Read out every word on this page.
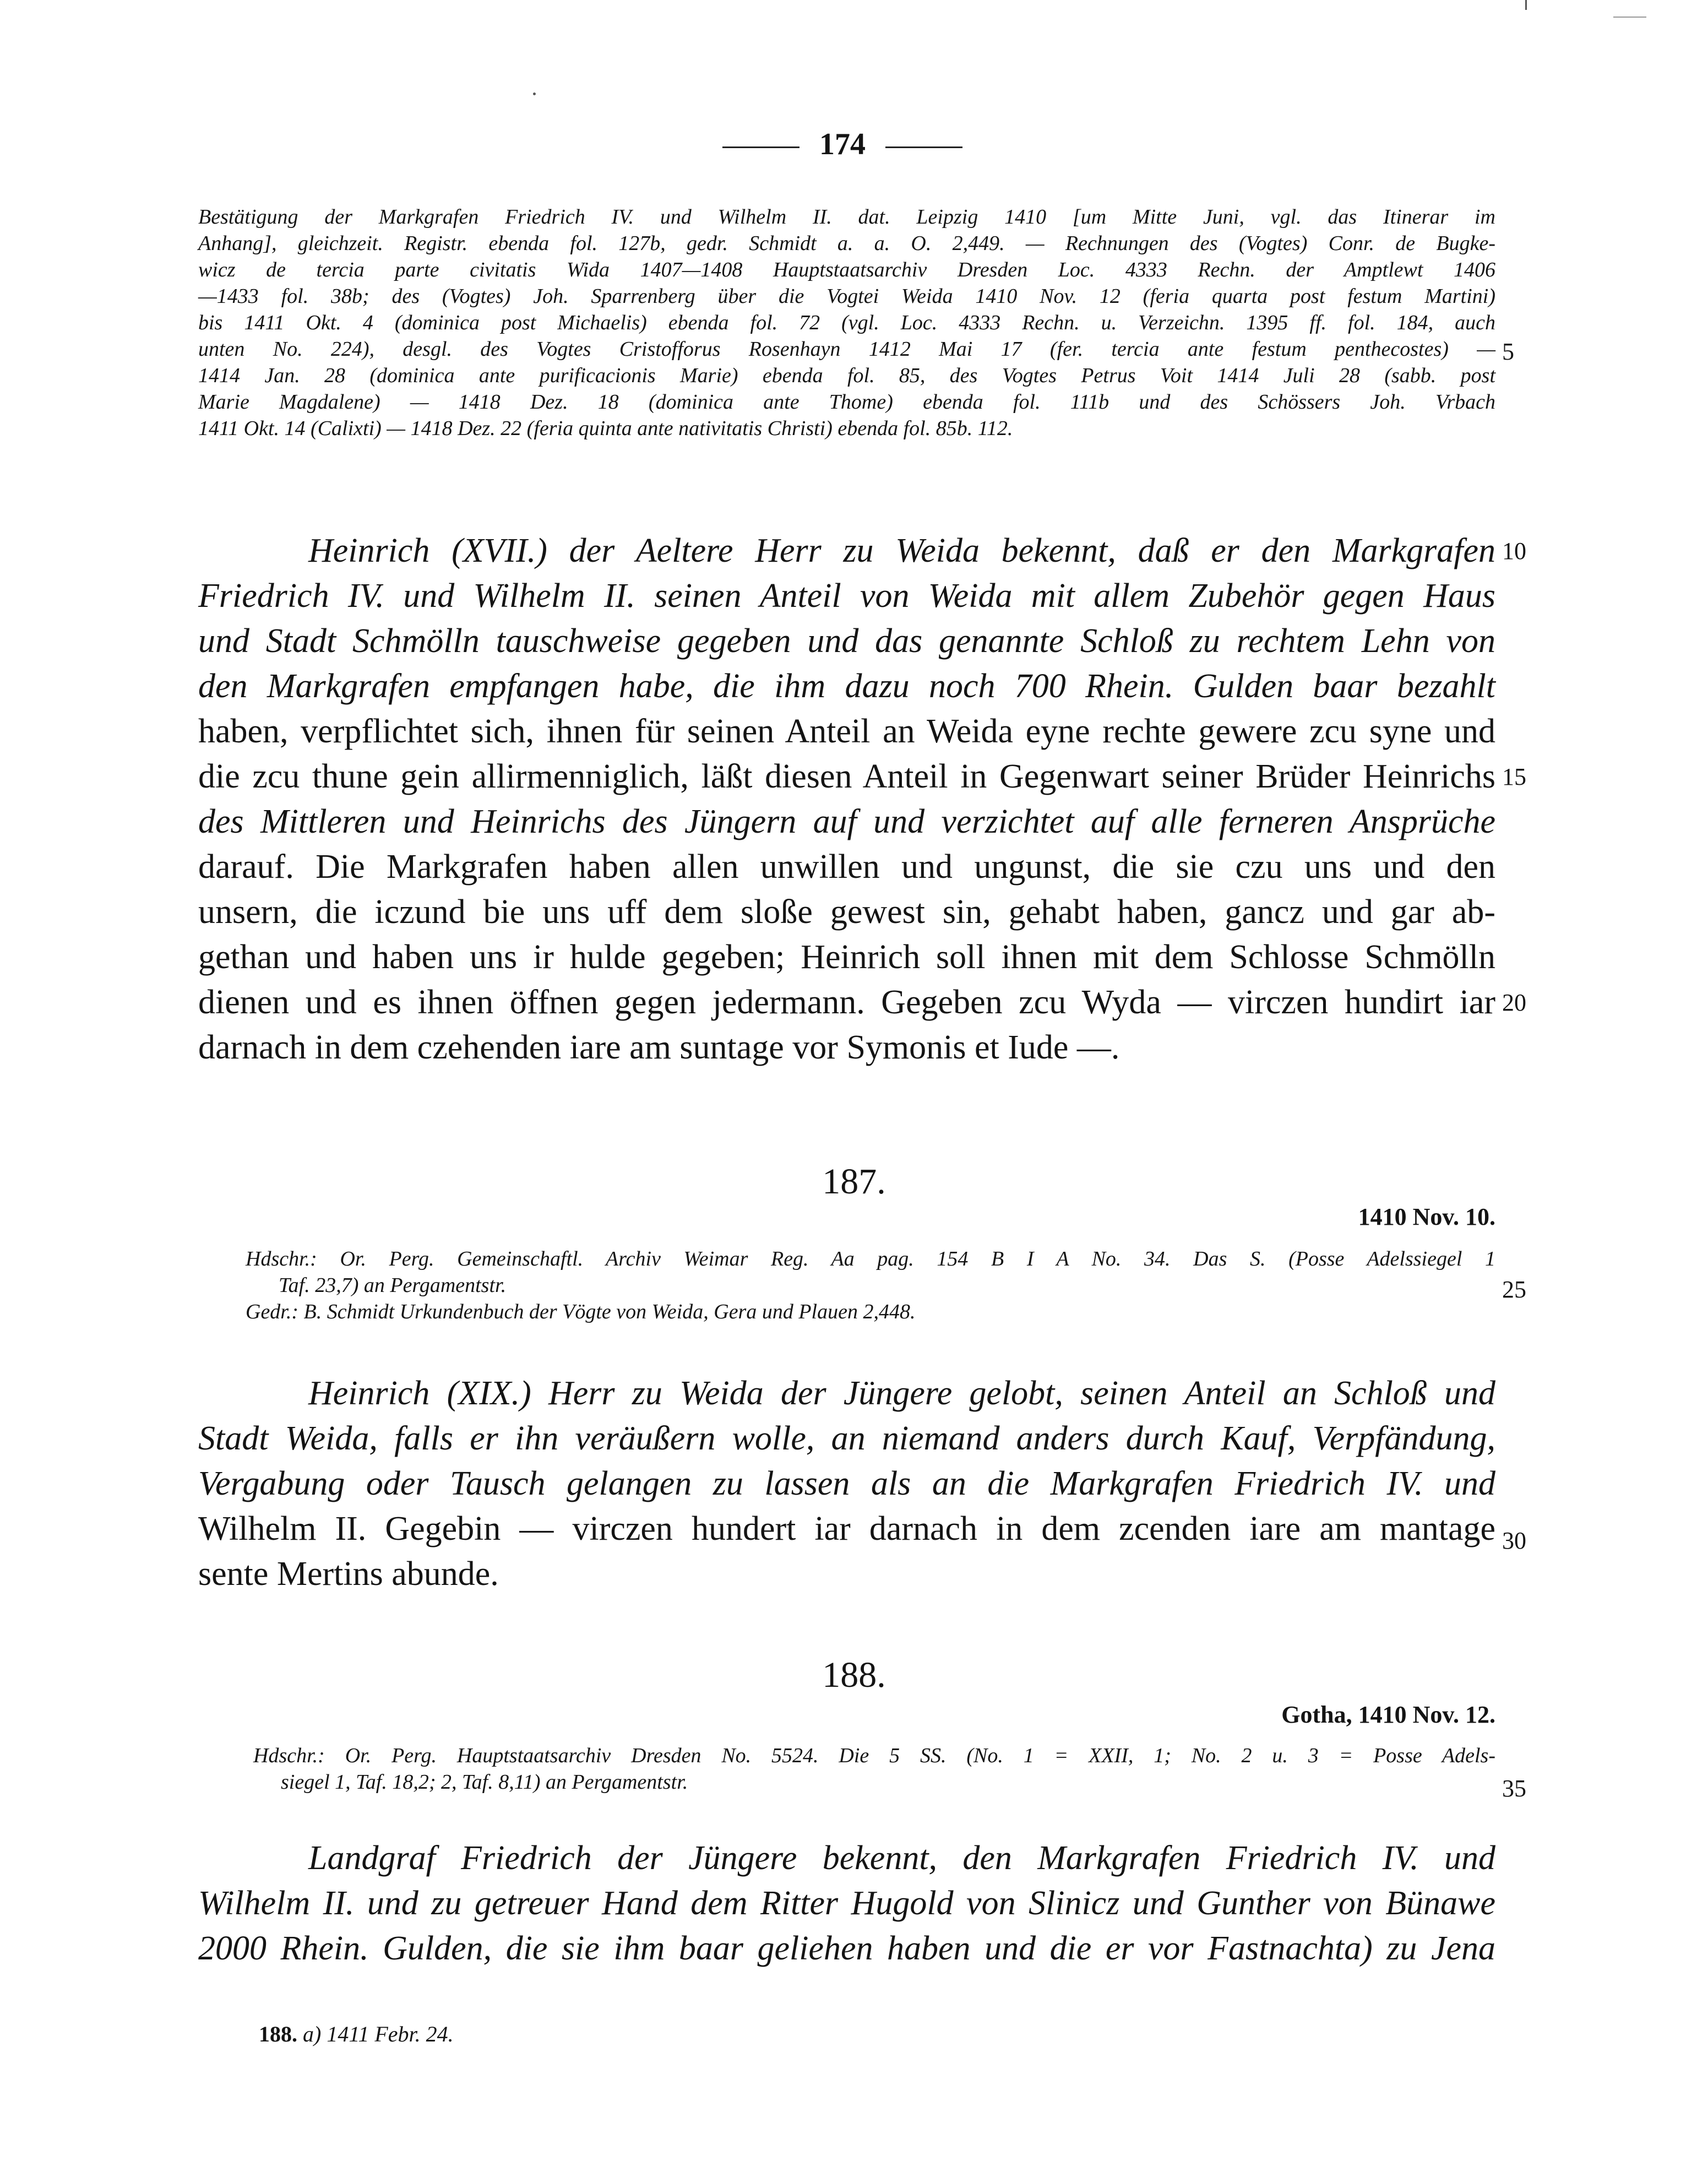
174
Bestätigung der Markgrafen Friedrich IV. und Wilhelm II. dat. Leipzig 1410 [um Mitte Juni, vgl. das Itinerar im
Anhang], gleichzeit. Registr. ebenda fol. 127b, gedr. Schmidt a. a. O. 2,449. — Rechnungen des (Vogtes) Conr. de Bugke-
wicz de tercia parte civitatis Wida 1407—1408 Hauptstaatsarchiv Dresden Loc. 4333 Rechn. der Amptlewt 1406
—1433 fol. 38b; des (Vogtes) Joh. Sparrenberg über die Vogtei Weida 1410 Nov. 12 (feria quarta post festum Martini)
bis 1411 Okt. 4 (dominica post Michaelis) ebenda fol. 72 (vgl. Loc. 4333 Rechn. u. Verzeichn. 1395 ff. fol. 184, auch
unten No. 224), desgl. des Vogtes Cristofforus Rosenhayn 1412 Mai 17 (fer. tercia ante festum penthecostes) —
1414 Jan. 28 (dominica ante purificacionis Marie) ebenda fol. 85, des Vogtes Petrus Voit 1414 Juli 28 (sabb. post
Marie Magdalene) — 1418 Dez. 18 (dominica ante Thome) ebenda fol. 111b und des Schössers Joh. Vrbach
1411 Okt. 14 (Calixti) — 1418 Dez. 22 (feria quinta ante nativitatis Christi) ebenda fol. 85b. 112.
Heinrich (XVII.) der Aeltere Herr zu Weida bekennt, daß er den Markgrafen
Friedrich IV. und Wilhelm II. seinen Anteil von Weida mit allem Zubehör gegen Haus
und Stadt Schmölln tauschweise gegeben und das genannte Schloß zu rechtem Lehn von
den Markgrafen empfangen habe, die ihm dazu noch 700 Rhein. Gulden baar bezahlt
haben, verpflichtet sich, ihnen für seinen Anteil an Weida eyne rechte gewere zcu syne und
die zcu thune gein allirmenniglich, läßt diesen Anteil in Gegenwart seiner Brüder Heinrichs
des Mittleren und Heinrichs des Jüngern auf und verzichtet auf alle ferneren Ansprüche
darauf. Die Markgrafen haben allen unwillen und ungunst, die sie czu uns und den
unsern, die iczund bie uns uff dem sloße gewest sin, gehabt haben, gancz und gar ab-
gethan und haben uns ir hulde gegeben; Heinrich soll ihnen mit dem Schlosse Schmölln
dienen und es ihnen öffnen gegen jedermann. Gegeben zcu Wyda — virczen hundirt iar
darnach in dem czehenden iare am suntage vor Symonis et Iude —.
5
10
15
20
25
30
35
187.
1410 Nov. 10.
Hdschr.: Or. Perg. Gemeinschaftl. Archiv Weimar Reg. Aa pag. 154 B I A No. 34. Das S. (Posse Adelssiegel 1
Taf. 23,7) an Pergamentstr.
Gedr.: B. Schmidt Urkundenbuch der Vögte von Weida, Gera und Plauen 2,448.
Heinrich (XIX.) Herr zu Weida der Jüngere gelobt, seinen Anteil an Schloß und
Stadt Weida, falls er ihn veräußern wolle, an niemand anders durch Kauf, Verpfändung,
Vergabung oder Tausch gelangen zu lassen als an die Markgrafen Friedrich IV. und
Wilhelm II. Gegebin — virczen hundert iar darnach in dem zcenden iare am mantage
sente Mertins abunde.
188.
Gotha, 1410 Nov. 12.
Hdschr.: Or. Perg. Hauptstaatsarchiv Dresden No. 5524. Die 5 SS. (No. 1 = XXII, 1; No. 2 u. 3 = Posse Adels-
siegel 1, Taf. 18,2; 2, Taf. 8,11) an Pergamentstr.
Landgraf Friedrich der Jüngere bekennt, den Markgrafen Friedrich IV. und
Wilhelm II. und zu getreuer Hand dem Ritter Hugold von Slinicz und Gunther von Bünawe
2000 Rhein. Gulden, die sie ihm baar geliehen haben und die er vor Fastnachta) zu Jena
188. a) 1411 Febr. 24.
